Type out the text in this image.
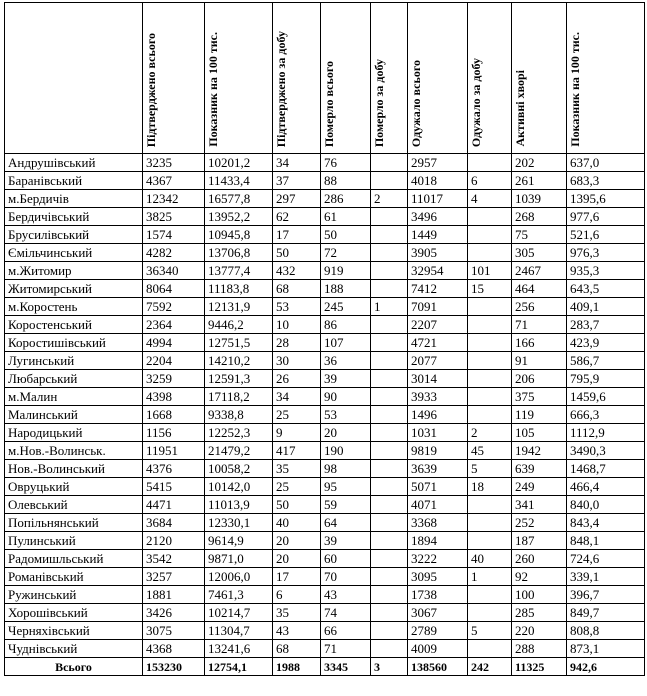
	Підтверджено всього	Показник на 100 тис.	Підтверджено за добу	Померло всього	Померло за добу	Одужало всього	Одужало за добу	Активні хворі	Показник на 100 тис.
Андрушівський	3235	10201,2	34	76		2957		202	637,0
Баранівський	4367	11433,4	37	88		4018	6	261	683,3
м.Бердичів	12342	16577,8	297	286	2	11017	4	1039	1395,6
Бердичівський	3825	13952,2	62	61		3496		268	977,6
Брусилівський	1574	10945,8	17	50		1449		75	521,6
Ємільчинський	4282	13706,8	50	72		3905		305	976,3
м.Житомир	36340	13777,4	432	919		32954	101	2467	935,3
Житомирський	8064	11183,8	68	188		7412	15	464	643,5
м.Коростень	7592	12131,9	53	245	1	7091		256	409,1
Коростенський	2364	9446,2	10	86		2207		71	283,7
Коростишівський	4994	12751,5	28	107		4721		166	423,9
Лугинський	2204	14210,2	30	36		2077		91	586,7
Любарський	3259	12591,3	26	39		3014		206	795,9
м.Малин	4398	17118,2	34	90		3933		375	1459,6
Малинський	1668	9338,8	25	53		1496		119	666,3
Народицький	1156	12252,3	9	20		1031	2	105	1112,9
м.Нов.-Волинськ.	11951	21479,2	417	190		9819	45	1942	3490,3
Нов.-Волинський	4376	10058,2	35	98		3639	5	639	1468,7
Овруцький	5415	10142,0	25	95		5071	18	249	466,4
Олевський	4471	11013,9	50	59		4071		341	840,0
Попільнянський	3684	12330,1	40	64		3368		252	843,4
Пулинський	2120	9614,9	20	39		1894		187	848,1
Радомишльський	3542	9871,0	20	60		3222	40	260	724,6
Романівський	3257	12006,0	17	70		3095	1	92	339,1
Ружинський	1881	7461,3	6	43		1738		100	396,7
Хорошівський	3426	10214,7	35	74		3067		285	849,7
Черняхівський	3075	11304,7	43	66		2789	5	220	808,8
Чуднівський	4368	13241,6	68	71		4009		288	873,1
Всього	153230	12754,1	1988	3345	3	138560	242	11325	942,6
